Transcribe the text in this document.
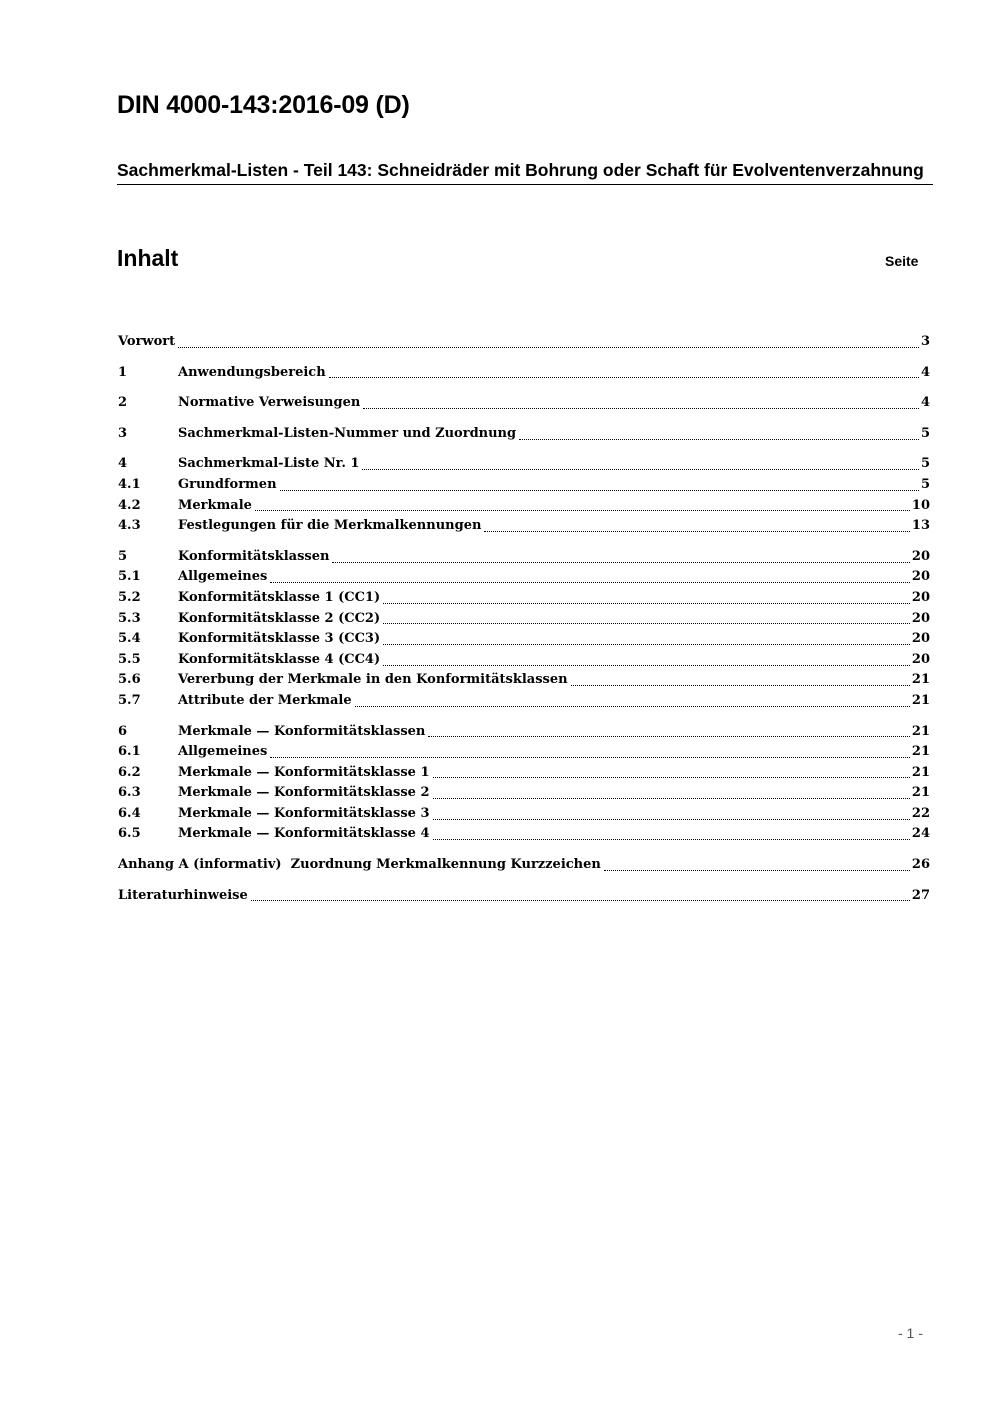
DIN 4000-143:2016-09 (D)
Sachmerkmal-Listen - Teil 143: Schneidräder mit Bohrung oder Schaft für Evolventenverzahnung
Inhalt	Seite
Vorwort	3
1	Anwendungsbereich	4
2	Normative Verweisungen	4
3	Sachmerkmal-Listen-Nummer und Zuordnung	5
4	Sachmerkmal-Liste Nr. 1	5
4.1	Grundformen	5
4.2	Merkmale	10
4.3	Festlegungen für die Merkmalkennungen	13
5	Konformitätsklassen	20
5.1	Allgemeines	20
5.2	Konformitätsklasse 1 (CC1)	20
5.3	Konformitätsklasse 2 (CC2)	20
5.4	Konformitätsklasse 3 (CC3)	20
5.5	Konformitätsklasse 4 (CC4)	20
5.6	Vererbung der Merkmale in den Konformitätsklassen	21
5.7	Attribute der Merkmale	21
6	Merkmale — Konformitätsklassen	21
6.1	Allgemeines	21
6.2	Merkmale — Konformitätsklasse 1	21
6.3	Merkmale — Konformitätsklasse 2	21
6.4	Merkmale — Konformitätsklasse 3	22
6.5	Merkmale — Konformitätsklasse 4	24
Anhang A (informativ)  Zuordnung Merkmalkennung Kurzzeichen	26
Literaturhinweise	27
- 1 -
